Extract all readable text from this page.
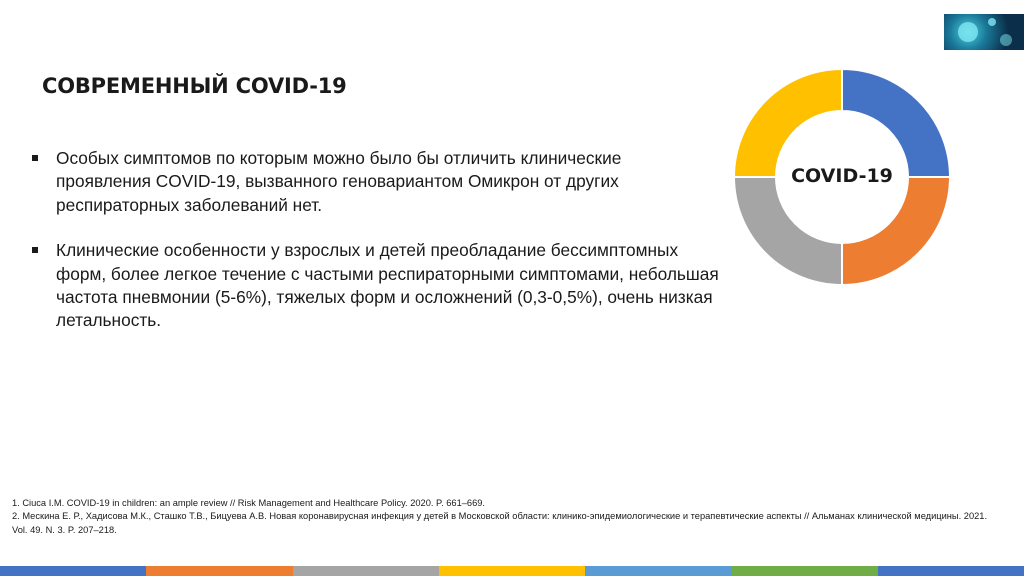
СОВРЕМЕННЫЙ COVID-19
Особых симптомов по которым можно было бы отличить клинические проявления COVID-19, вызванного геновариантом Омикрон от других респираторных заболеваний нет.
Клинические особенности у взрослых и детей преобладание бессимптомных форм, более легкое течение с частыми респираторными симптомами, небольшая частота пневмонии (5-6%), тяжелых форм и осложнений (0,3-0,5%), очень низкая летальность.
COVID-19
1. Ciuca I.M. COVID-19 in children: an ample review // Risk Management and Healthcare Policy. 2020. P. 661–669.
2. Мескина Е. Р., Хадисова М.К., Сташко Т.В., Бицуева А.В. Новая коронавирусная инфекция у детей в Московской области: клинико-эпидемиологические и терапевтические аспекты // Альманах клинической медицины. 2021. Vol. 49. N. 3. P. 207–218.
